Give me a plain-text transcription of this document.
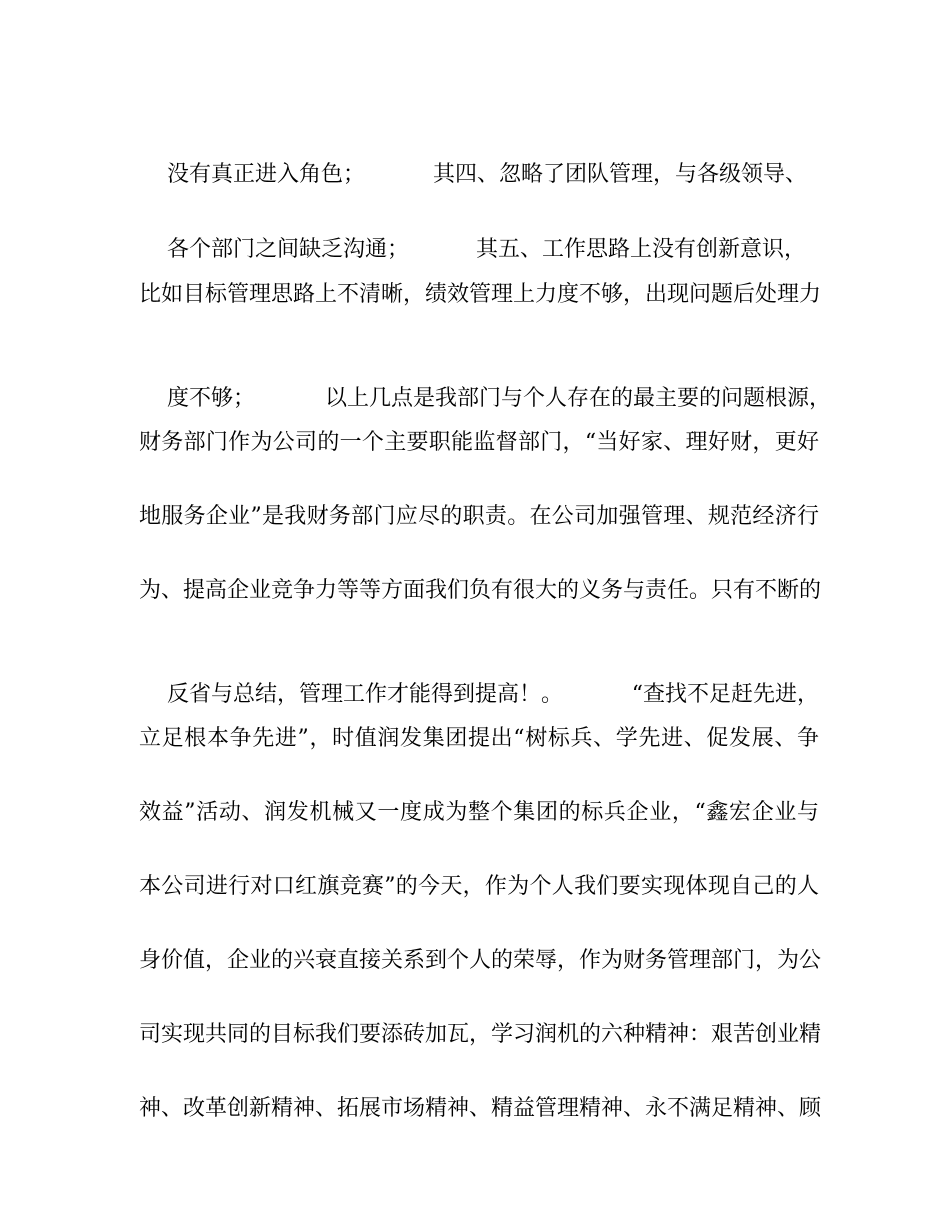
没有真正进入角色；	其四、忽略了团队管理，与各级领导、

各个部门之间缺乏沟通；	其五、工作思路上没有创新意识，

比如目标管理思路上不清晰，绩效管理上力度不够，出现问题后处理力

度不够；	以上几点是我部门与个人存在的最主要的问题根源，

财务部门作为公司的一个主要职能监督部门，“当好家、理好财，更好
地服务企业”是我财务部门应尽的职责。在公司加强管理、规范经济行
为、提高企业竞争力等等方面我们负有很大的义务与责任。只有不断的

反省与总结，管理工作才能得到提高！。	“查找不足赶先进，

立足根本争先进”，时值润发集团提出“树标兵、学先进、促发展、争
效益”活动、润发机械又一度成为整个集团的标兵企业，“鑫宏企业与
本公司进行对口红旗竞赛”的今天，作为个人我们要实现体现自己的人
身价值，企业的兴衰直接关系到个人的荣辱，作为财务管理部门，为公
司实现共同的目标我们要添砖加瓦，学习润机的六种精神：艰苦创业精
神、改革创新精神、拓展市场精神、精益管理精神、永不满足精神、顾
